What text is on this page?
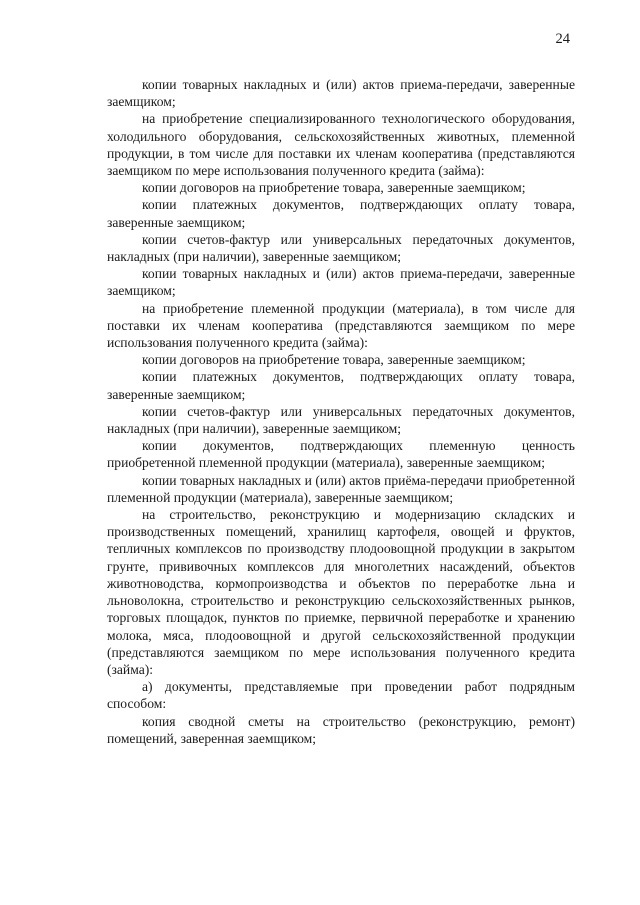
24

копии товарных накладных и (или) актов приема-передачи, заверенные заемщиком;

на приобретение специализированного технологического оборудования, холодильного оборудования, сельскохозяйственных животных, племенной продукции, в том числе для поставки их членам кооператива (представляются заемщиком по мере использования полученного кредита (займа):

копии договоров на приобретение товара, заверенные заемщиком;

копии платежных документов, подтверждающих оплату товара, заверенные заемщиком;

копии счетов-фактур или универсальных передаточных документов, накладных (при наличии), заверенные заемщиком;

копии товарных накладных и (или) актов приема-передачи, заверенные заемщиком;

на приобретение племенной продукции (материала), в том числе для поставки их членам кооператива (представляются заемщиком по мере использования полученного кредита (займа):

копии договоров на приобретение товара, заверенные заемщиком;

копии платежных документов, подтверждающих оплату товара, заверенные заемщиком;

копии счетов-фактур или универсальных передаточных документов, накладных (при наличии), заверенные заемщиком;

копии документов, подтверждающих племенную ценность приобретенной племенной продукции (материала), заверенные заемщиком;

копии товарных накладных и (или) актов приёма-передачи приобретенной племенной продукции (материала), заверенные заемщиком;

на строительство, реконструкцию и модернизацию складских и производственных помещений, хранилищ картофеля, овощей и фруктов, тепличных комплексов по производству плодоовощной продукции в закрытом грунте, прививочных комплексов для многолетних насаждений, объектов животноводства, кормопроизводства и объектов по переработке льна и льноволокна, строительство и реконструкцию сельскохозяйственных рынков, торговых площадок, пунктов по приемке, первичной переработке и хранению молока, мяса, плодоовощной и другой сельскохозяйственной продукции (представляются заемщиком по мере использования полученного кредита (займа):

а) документы, представляемые при проведении работ подрядным способом:

копия сводной сметы на строительство (реконструкцию, ремонт) помещений, заверенная заемщиком;
